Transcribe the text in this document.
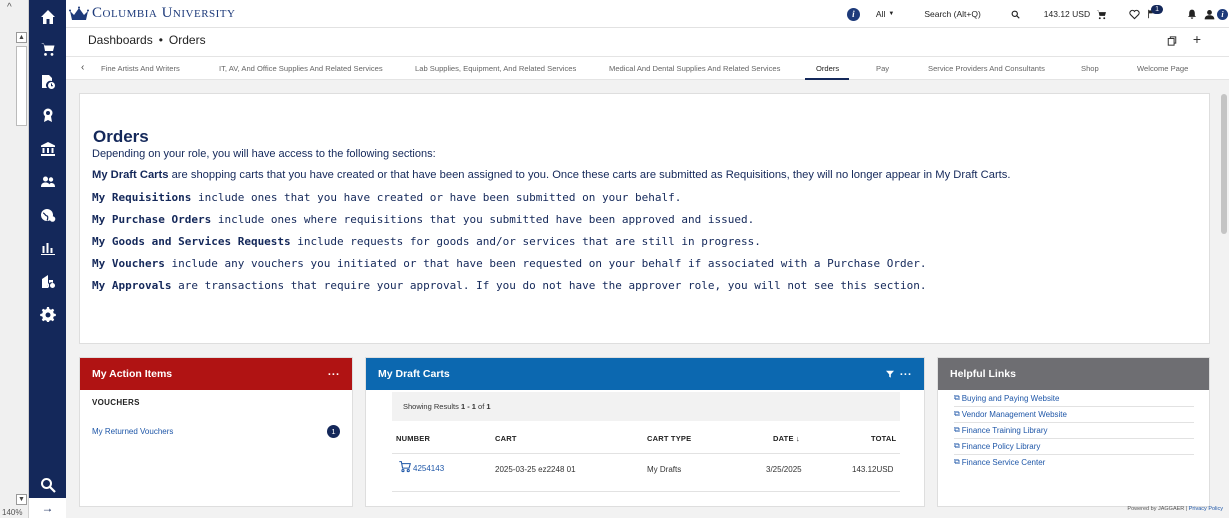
^
▲
▼
140%	→
Columbia University	i	All ▼	Search (Alt+Q)	143.12 USD	1
i
Dashboards • Orders	+
‹ Fine Artists And Writers	IT, AV, And Office Supplies And Related Services	Lab Supplies, Equipment, And Related Services	Medical And Dental Supplies And Related Services	Orders	Pay	Service Providers And Consultants	Shop	Welcome Page
Orders
Depending on your role, you will have access to the following sections:
My Draft Carts are shopping carts that you have created or that have been assigned to you. Once these carts are submitted as Requisitions, they will no longer appear in My Draft Carts.
My Requisitions include ones that you have created or have been submitted on your behalf.
My Purchase Orders include ones where requisitions that you submitted have been approved and issued.
My Goods and Services Requests include requests for goods and/or services that are still in progress.
My Vouchers include any vouchers you initiated or that have been requested on your behalf if associated with a Purchase Order.
My Approvals are transactions that require your approval. If you do not have the approver role, you will not see this section.
My Action Items	...
VOUCHERS
My Returned Vouchers	1
My Draft Carts	...
Showing Results 1 - 1 of 1
NUMBER	CART	CART TYPE	DATE ↓	TOTAL
4254143	2025-03-25 ez2248 01	My Drafts	3/25/2025	143.12USD
Helpful Links
⧉ Buying and Paying Website
⧉ Vendor Management Website
⧉ Finance Training Library
⧉ Finance Policy Library
⧉ Finance Service Center
Powered by JAGGAER | Privacy Policy
